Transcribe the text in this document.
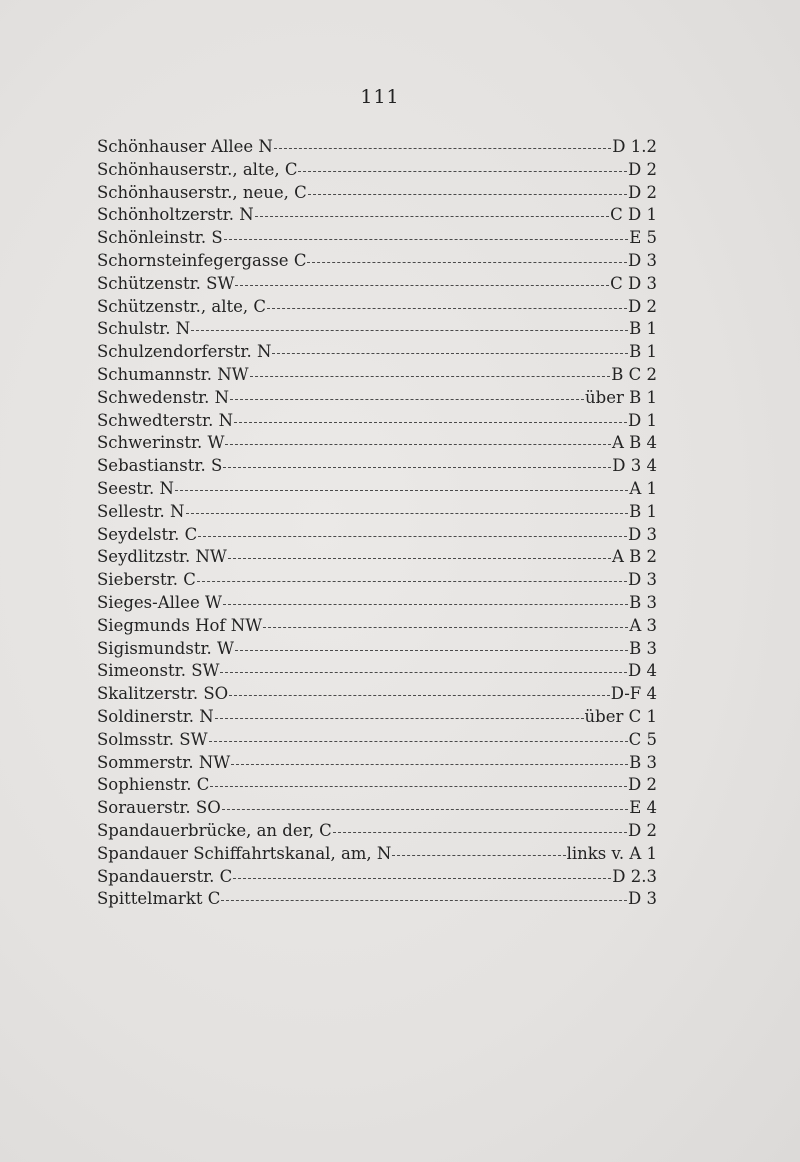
111
Schönhauser Allee N	D 1.2
Schönhauserstr., alte, C	D 2
Schönhauserstr., neue, C	D 2
Schönholtzerstr. N	C D 1
Schönleinstr. S	E 5
Schornsteinfegergasse C	D 3
Schützenstr. SW	C D 3
Schützenstr., alte, C	D 2
Schulstr. N	B 1
Schulzendorferstr. N	B 1
Schumannstr. NW	B C 2
Schwedenstr. N	über B 1
Schwedterstr. N	D 1
Schwerinstr. W	A B 4
Sebastianstr. S	D 3 4
Seestr. N	A 1
Sellestr. N	B 1
Seydelstr. C	D 3
Seydlitzstr. NW	A B 2
Sieberstr. C	D 3
Sieges-Allee W	B 3
Siegmunds Hof NW	A 3
Sigismundstr. W	B 3
Simeonstr. SW	D 4
Skalitzerstr. SO	D-F 4
Soldinerstr. N	über C 1
Solmsstr. SW	C 5
Sommerstr. NW	B 3
Sophienstr. C	D 2
Sorauerstr. SO	E 4
Spandauerbrücke, an der, C	D 2
Spandauer Schiffahrtskanal, am, N	links v. A 1
Spandauerstr. C	D 2.3
Spittelmarkt C	D 3
